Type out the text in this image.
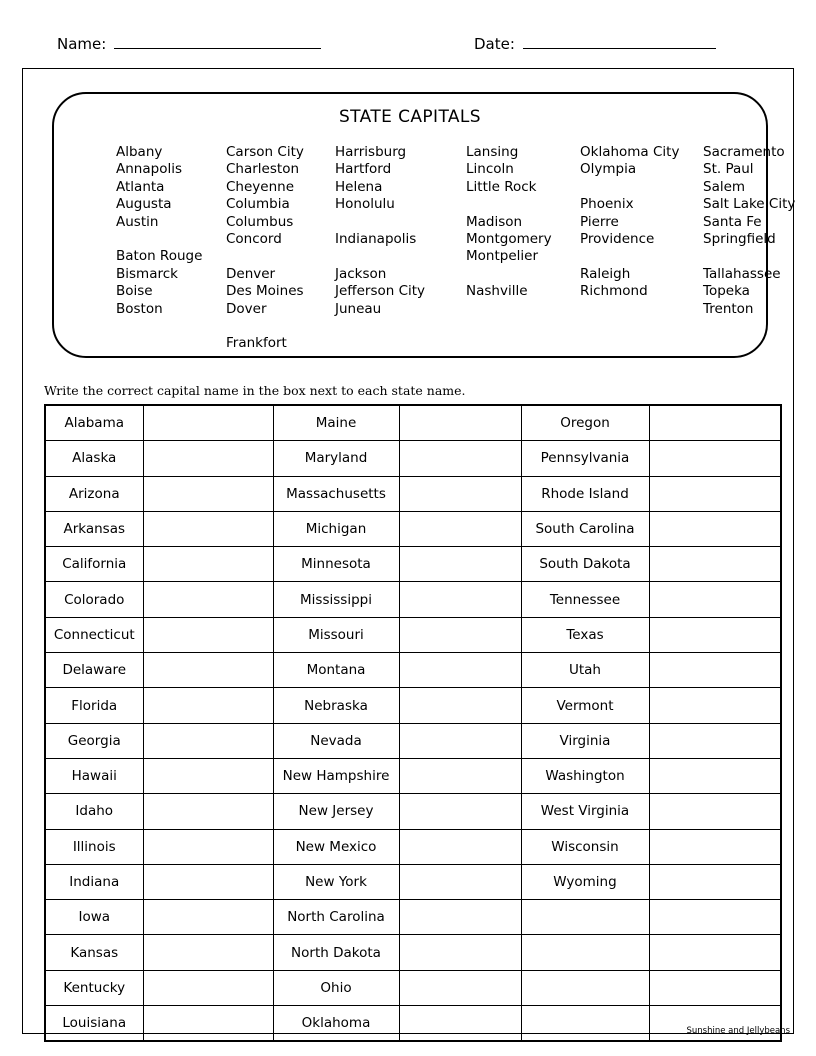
Name:	Date:
STATE CAPITALS
Albany
Annapolis
Atlanta
Augusta
Austin

Baton Rouge
Bismarck
Boise
Boston
Carson City
Charleston
Cheyenne
Columbia
Columbus
Concord

Denver
Des Moines
Dover

Frankfort
Harrisburg
Hartford
Helena
Honolulu

Indianapolis

Jackson
Jefferson City
Juneau
Lansing
Lincoln
Little Rock

Madison
Montgomery
Montpelier

Nashville
Oklahoma City
Olympia

Phoenix
Pierre
Providence

Raleigh
Richmond
Sacramento
St. Paul
Salem
Salt Lake City
Santa Fe
Springfield

Tallahassee
Topeka
Trenton
Write the correct capital name in the box next to each state name.
Alabama		Maine		Oregon	
Alaska		Maryland		Pennsylvania	
Arizona		Massachusetts		Rhode Island	
Arkansas		Michigan		South Carolina	
California		Minnesota		South Dakota	
Colorado		Mississippi		Tennessee	
Connecticut		Missouri		Texas	
Delaware		Montana		Utah	
Florida		Nebraska		Vermont	
Georgia		Nevada		Virginia	
Hawaii		New Hampshire		Washington	
Idaho		New Jersey		West Virginia	
Illinois		New Mexico		Wisconsin	
Indiana		New York		Wyoming	
Iowa		North Carolina			
Kansas		North Dakota			
Kentucky		Ohio			
Louisiana		Oklahoma				Sunshine and Jellybeans
